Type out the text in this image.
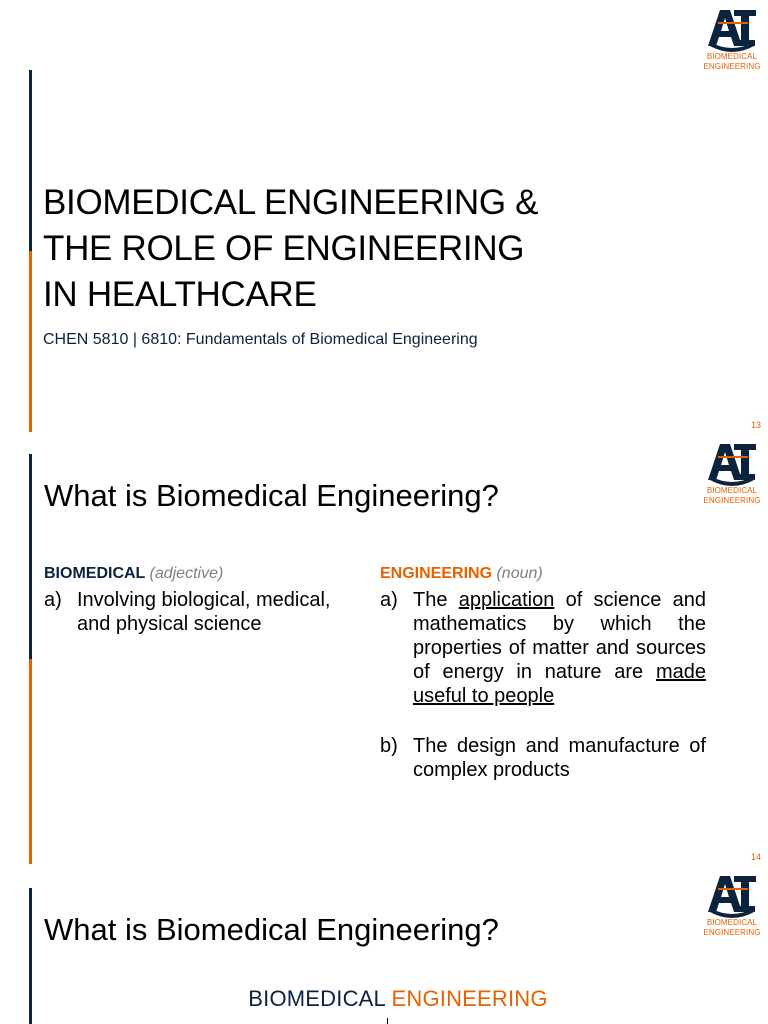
BIOMEDICAL
ENGINEERING
BIOMEDICAL ENGINEERING &
THE ROLE OF ENGINEERING
IN HEALTHCARE
CHEN 5810 | 6810: Fundamentals of Biomedical Engineering
13
BIOMEDICAL
ENGINEERING
What is Biomedical Engineering?
BIOMEDICAL (adjective)
a) Involving biological, medical, and physical science
ENGINEERING (noun)
a) The application of science and mathematics by which the properties of matter and sources of energy in nature are made useful to people
b) The design and manufacture of complex products
14
BIOMEDICAL
ENGINEERING
What is Biomedical Engineering?
BIOMEDICAL ENGINEERING
